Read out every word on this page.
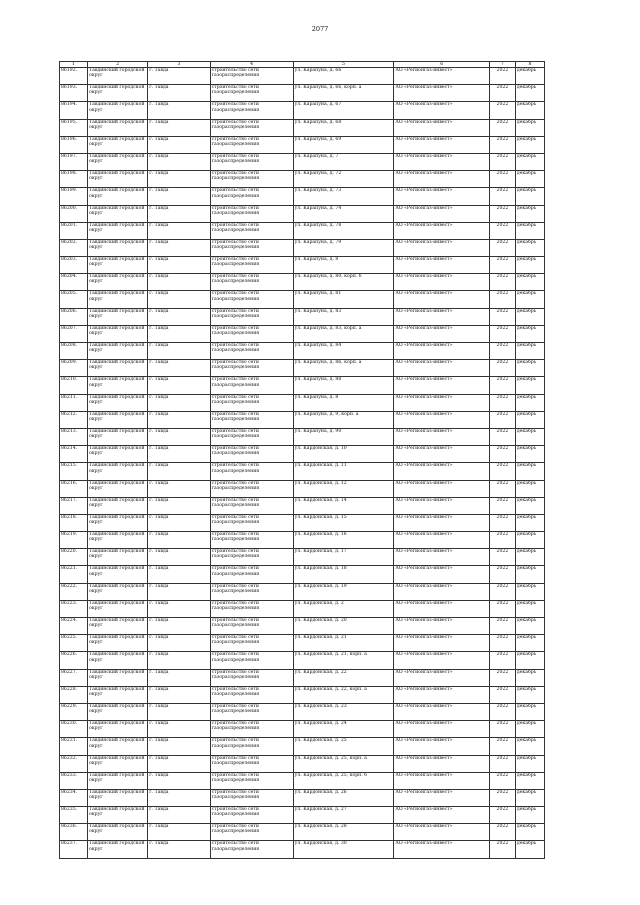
2077
1	2	3	4	5	6	7	8
86192.	Тавдинский городской округ	г. Тавда	строительство сети газораспределения	ул. Карапуна, д. 66	АО «Регионгаз-инвест»	2022	декабрь
86193.	Тавдинский городской округ	г. Тавда	строительство сети газораспределения	ул. Карапуна, д. 66, корп. а	АО «Регионгаз-инвест»	2022	декабрь
86194.	Тавдинский городской округ	г. Тавда	строительство сети газораспределения	ул. Карапуна, д. 67	АО «Регионгаз-инвест»	2022	декабрь
86195.	Тавдинский городской округ	г. Тавда	строительство сети газораспределения	ул. Карапуна, д. 68	АО «Регионгаз-инвест»	2022	декабрь
86196.	Тавдинский городской округ	г. Тавда	строительство сети газораспределения	ул. Карапуна, д. 69	АО «Регионгаз-инвест»	2022	декабрь
86197.	Тавдинский городской округ	г. Тавда	строительство сети газораспределения	ул. Карапуна, д. 7	АО «Регионгаз-инвест»	2022	декабрь
86198.	Тавдинский городской округ	г. Тавда	строительство сети газораспределения	ул. Карапуна, д. 72	АО «Регионгаз-инвест»	2022	декабрь
86199.	Тавдинский городской округ	г. Тавда	строительство сети газораспределения	ул. Карапуна, д. 73	АО «Регионгаз-инвест»	2022	декабрь
86200.	Тавдинский городской округ	г. Тавда	строительство сети газораспределения	ул. Карапуна, д. 74	АО «Регионгаз-инвест»	2022	декабрь
86201.	Тавдинский городской округ	г. Тавда	строительство сети газораспределения	ул. Карапуна, д. 78	АО «Регионгаз-инвест»	2022	декабрь
86202.	Тавдинский городской округ	г. Тавда	строительство сети газораспределения	ул. Карапуна, д. 79	АО «Регионгаз-инвест»	2022	декабрь
86203.	Тавдинский городской округ	г. Тавда	строительство сети газораспределения	ул. Карапуна, д. 8	АО «Регионгаз-инвест»	2022	декабрь
86204.	Тавдинский городской округ	г. Тавда	строительство сети газораспределения	ул. Карапуна, д. 80, корп. б	АО «Регионгаз-инвест»	2022	декабрь
86205.	Тавдинский городской округ	г. Тавда	строительство сети газораспределения	ул. Карапуна, д. 81	АО «Регионгаз-инвест»	2022	декабрь
86206.	Тавдинский городской округ	г. Тавда	строительство сети газораспределения	ул. Карапуна, д. 83	АО «Регионгаз-инвест»	2022	декабрь
86207.	Тавдинский городской округ	г. Тавда	строительство сети газораспределения	ул. Карапуна, д. 83, корп. а	АО «Регионгаз-инвест»	2022	декабрь
86208.	Тавдинский городской округ	г. Тавда	строительство сети газораспределения	ул. Карапуна, д. 84	АО «Регионгаз-инвест»	2022	декабрь
86209.	Тавдинский городской округ	г. Тавда	строительство сети газораспределения	ул. Карапуна, д. 86, корп. а	АО «Регионгаз-инвест»	2022	декабрь
86210.	Тавдинский городской округ	г. Тавда	строительство сети газораспределения	ул. Карапуна, д. 88	АО «Регионгаз-инвест»	2022	декабрь
86211.	Тавдинский городской округ	г. Тавда	строительство сети газораспределения	ул. Карапуна, д. 8	АО «Регионгаз-инвест»	2022	декабрь
86212.	Тавдинский городской округ	г. Тавда	строительство сети газораспределения	ул. Карапуна, д. 9, корп. а	АО «Регионгаз-инвест»	2022	декабрь
86213.	Тавдинский городской округ	г. Тавда	строительство сети газораспределения	ул. Карапуна, д. 90	АО «Регионгаз-инвест»	2022	декабрь
86214.	Тавдинский городской округ	г. Тавда	строительство сети газораспределения	ул. Кардонская, д. 10	АО «Регионгаз-инвест»	2022	декабрь
86215.	Тавдинский городской округ	г. Тавда	строительство сети газораспределения	ул. Кардонская, д. 11	АО «Регионгаз-инвест»	2022	декабрь
86216.	Тавдинский городской округ	г. Тавда	строительство сети газораспределения	ул. Кардонская, д. 12	АО «Регионгаз-инвест»	2022	декабрь
86217.	Тавдинский городской округ	г. Тавда	строительство сети газораспределения	ул. Кардонская, д. 14	АО «Регионгаз-инвест»	2022	декабрь
86218.	Тавдинский городской округ	г. Тавда	строительство сети газораспределения	ул. Кардонская, д. 15	АО «Регионгаз-инвест»	2022	декабрь
86219.	Тавдинский городской округ	г. Тавда	строительство сети газораспределения	ул. Кардонская, д. 16	АО «Регионгаз-инвест»	2022	декабрь
86220.	Тавдинский городской округ	г. Тавда	строительство сети газораспределения	ул. Кардонская, д. 17	АО «Регионгаз-инвест»	2022	декабрь
86221.	Тавдинский городской округ	г. Тавда	строительство сети газораспределения	ул. Кардонская, д. 18	АО «Регионгаз-инвест»	2022	декабрь
86222.	Тавдинский городской округ	г. Тавда	строительство сети газораспределения	ул. Кардонская, д. 19	АО «Регионгаз-инвест»	2022	декабрь
86223.	Тавдинский городской округ	г. Тавда	строительство сети газораспределения	ул. Кардонская, д. 2	АО «Регионгаз-инвест»	2022	декабрь
86224.	Тавдинский городской округ	г. Тавда	строительство сети газораспределения	ул. Кардонская, д. 20	АО «Регионгаз-инвест»	2022	декабрь
86225.	Тавдинский городской округ	г. Тавда	строительство сети газораспределения	ул. Кардонская, д. 21	АО «Регионгаз-инвест»	2022	декабрь
86226.	Тавдинский городской округ	г. Тавда	строительство сети газораспределения	ул. Кардонская, д. 21, корп. а	АО «Регионгаз-инвест»	2022	декабрь
86227.	Тавдинский городской округ	г. Тавда	строительство сети газораспределения	ул. Кардонская, д. 22	АО «Регионгаз-инвест»	2022	декабрь
86228.	Тавдинский городской округ	г. Тавда	строительство сети газораспределения	ул. Кардонская, д. 22, корп. а	АО «Регионгаз-инвест»	2022	декабрь
86229.	Тавдинский городской округ	г. Тавда	строительство сети газораспределения	ул. Кардонская, д. 23	АО «Регионгаз-инвест»	2022	декабрь
86230.	Тавдинский городской округ	г. Тавда	строительство сети газораспределения	ул. Кардонская, д. 24	АО «Регионгаз-инвест»	2022	декабрь
86231.	Тавдинский городской округ	г. Тавда	строительство сети газораспределения	ул. Кардонская, д. 25	АО «Регионгаз-инвест»	2022	декабрь
86232.	Тавдинский городской округ	г. Тавда	строительство сети газораспределения	ул. Кардонская, д. 25, корп. а	АО «Регионгаз-инвест»	2022	декабрь
86233.	Тавдинский городской округ	г. Тавда	строительство сети газораспределения	ул. Кардонская, д. 25, корп. б	АО «Регионгаз-инвест»	2022	декабрь
86234.	Тавдинский городской округ	г. Тавда	строительство сети газораспределения	ул. Кардонская, д. 26	АО «Регионгаз-инвест»	2022	декабрь
86235.	Тавдинский городской округ	г. Тавда	строительство сети газораспределения	ул. Кардонская, д. 27	АО «Регионгаз-инвест»	2022	декабрь
86236.	Тавдинский городской округ	г. Тавда	строительство сети газораспределения	ул. Кардонская, д. 28	АО «Регионгаз-инвест»	2022	декабрь
86237.	Тавдинский городской округ	г. Тавда	строительство сети газораспределения	ул. Кардонская, д. 30	АО «Регионгаз-инвест»	2022	декабрь
